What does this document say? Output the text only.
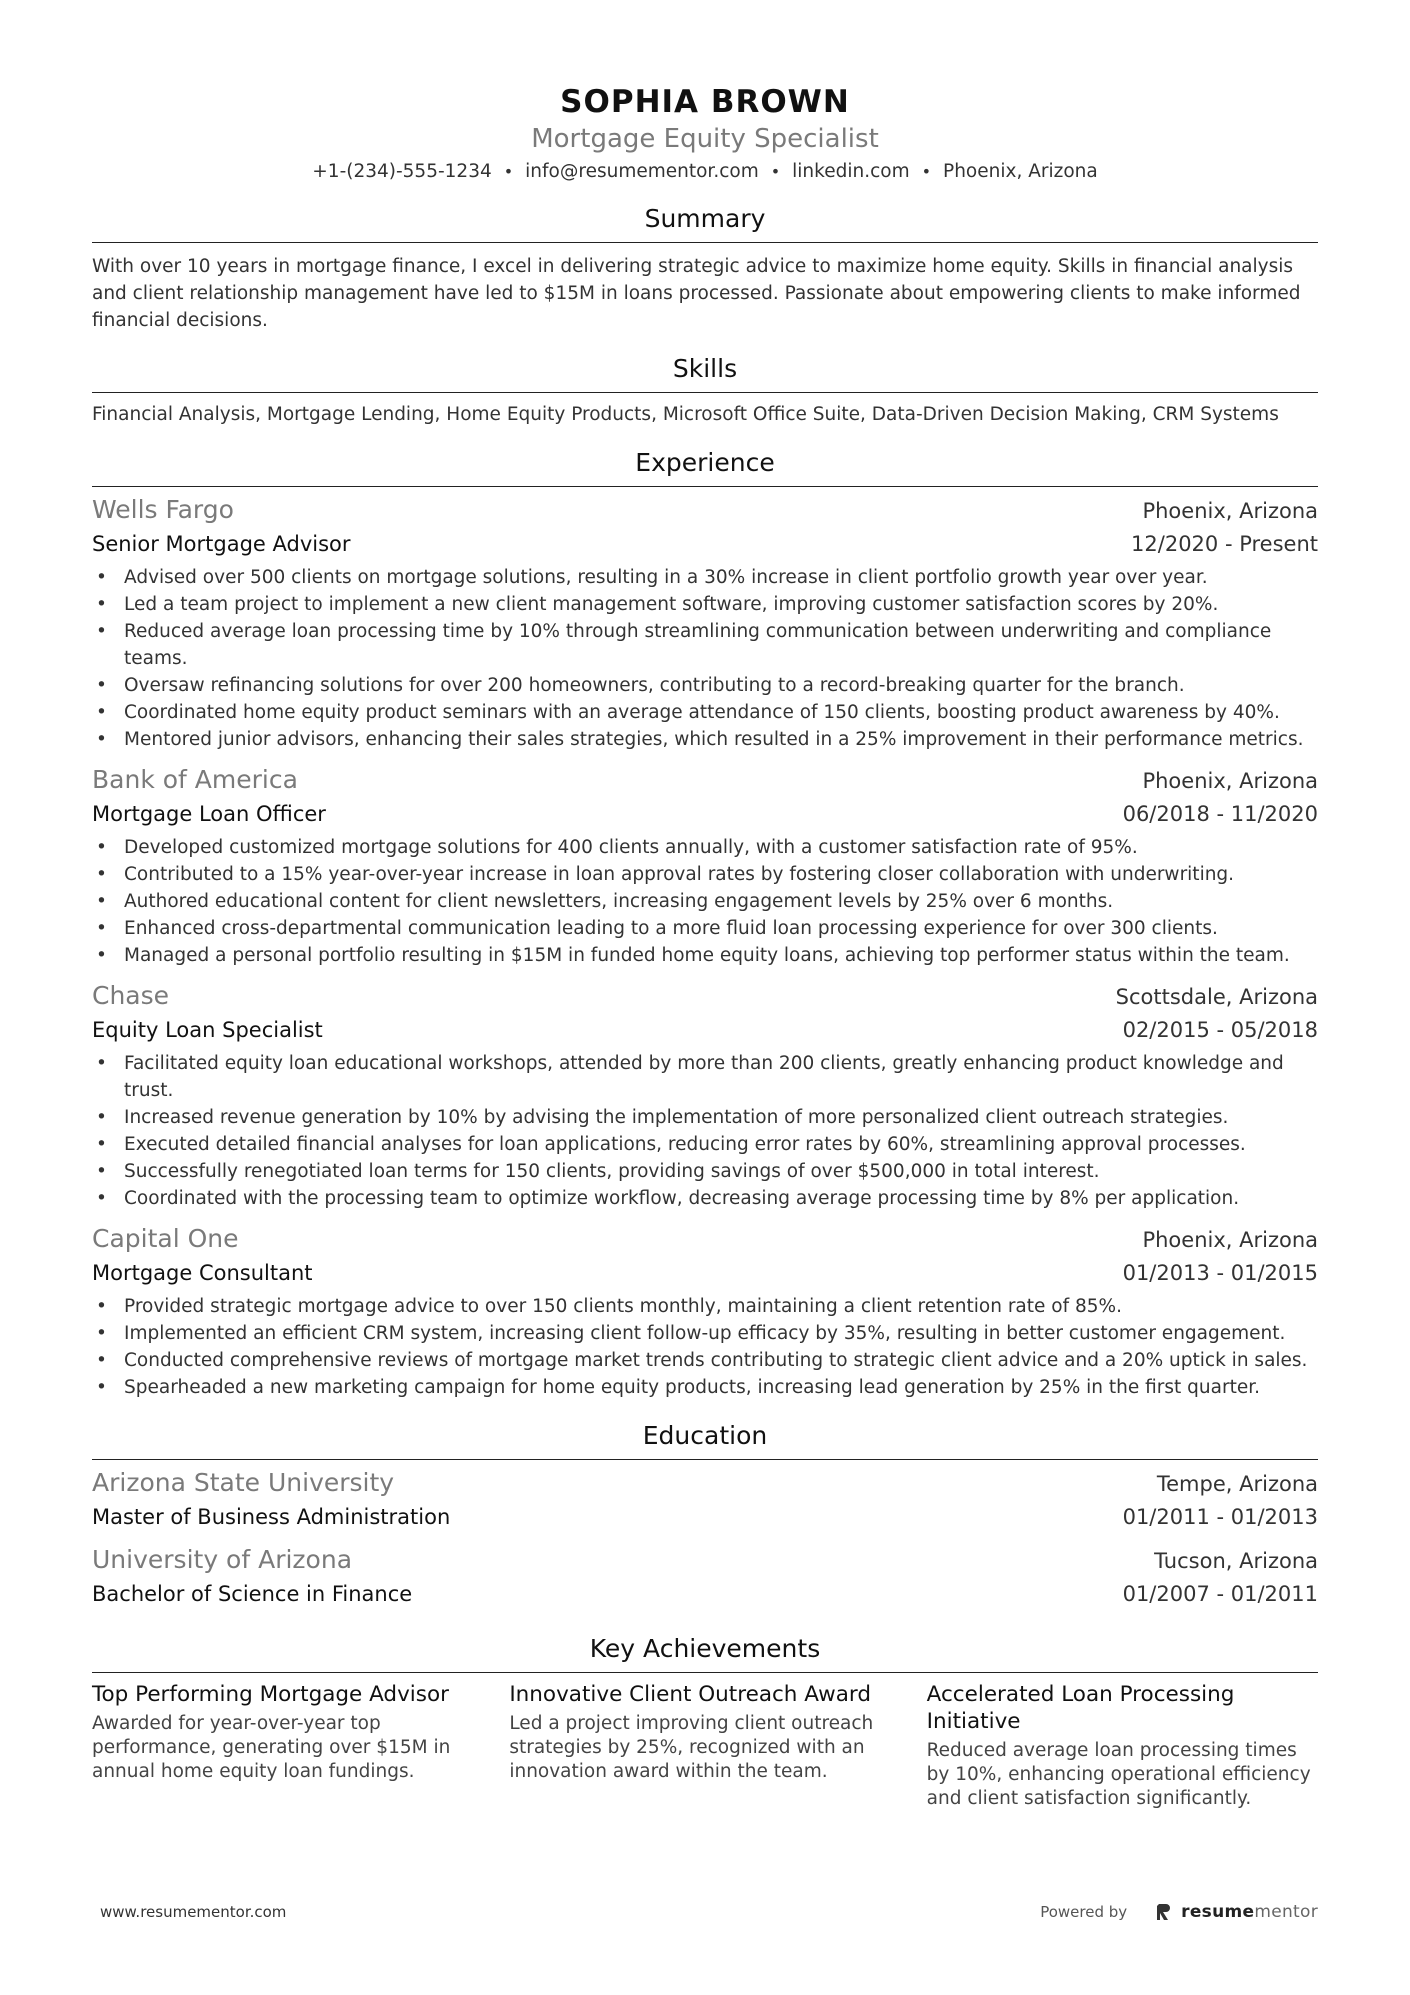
SOPHIA BROWN
Mortgage Equity Specialist
+1-(234)-555-1234 • info@resumementor.com • linkedin.com • Phoenix, Arizona
Summary
With over 10 years in mortgage finance, I excel in delivering strategic advice to maximize home equity. Skills in financial analysis and client relationship management have led to $15M in loans processed. Passionate about empowering clients to make informed financial decisions.
Skills
Financial Analysis, Mortgage Lending, Home Equity Products, Microsoft Office Suite, Data-Driven Decision Making, CRM Systems
Experience
Wells Fargo	Phoenix, Arizona
Senior Mortgage Advisor	12/2020 - Present
• Advised over 500 clients on mortgage solutions, resulting in a 30% increase in client portfolio growth year over year.
• Led a team project to implement a new client management software, improving customer satisfaction scores by 20%.
• Reduced average loan processing time by 10% through streamlining communication between underwriting and compliance teams.
• Oversaw refinancing solutions for over 200 homeowners, contributing to a record-breaking quarter for the branch.
• Coordinated home equity product seminars with an average attendance of 150 clients, boosting product awareness by 40%.
• Mentored junior advisors, enhancing their sales strategies, which resulted in a 25% improvement in their performance metrics.
Bank of America	Phoenix, Arizona
Mortgage Loan Officer	06/2018 - 11/2020
• Developed customized mortgage solutions for 400 clients annually, with a customer satisfaction rate of 95%.
• Contributed to a 15% year-over-year increase in loan approval rates by fostering closer collaboration with underwriting.
• Authored educational content for client newsletters, increasing engagement levels by 25% over 6 months.
• Enhanced cross-departmental communication leading to a more fluid loan processing experience for over 300 clients.
• Managed a personal portfolio resulting in $15M in funded home equity loans, achieving top performer status within the team.
Chase	Scottsdale, Arizona
Equity Loan Specialist	02/2015 - 05/2018
• Facilitated equity loan educational workshops, attended by more than 200 clients, greatly enhancing product knowledge and trust.
• Increased revenue generation by 10% by advising the implementation of more personalized client outreach strategies.
• Executed detailed financial analyses for loan applications, reducing error rates by 60%, streamlining approval processes.
• Successfully renegotiated loan terms for 150 clients, providing savings of over $500,000 in total interest.
• Coordinated with the processing team to optimize workflow, decreasing average processing time by 8% per application.
Capital One	Phoenix, Arizona
Mortgage Consultant	01/2013 - 01/2015
• Provided strategic mortgage advice to over 150 clients monthly, maintaining a client retention rate of 85%.
• Implemented an efficient CRM system, increasing client follow-up efficacy by 35%, resulting in better customer engagement.
• Conducted comprehensive reviews of mortgage market trends contributing to strategic client advice and a 20% uptick in sales.
• Spearheaded a new marketing campaign for home equity products, increasing lead generation by 25% in the first quarter.
Education
Arizona State University	Tempe, Arizona
Master of Business Administration	01/2011 - 01/2013
University of Arizona	Tucson, Arizona
Bachelor of Science in Finance	01/2007 - 01/2011
Key Achievements
Top Performing Mortgage Advisor
Awarded for year-over-year top performance, generating over $15M in annual home equity loan fundings.
Innovative Client Outreach Award
Led a project improving client outreach strategies by 25%, recognized with an innovation award within the team.
Accelerated Loan Processing Initiative
Reduced average loan processing times by 10%, enhancing operational efficiency and client satisfaction significantly.
www.resumementor.com	Powered by	resumementor
